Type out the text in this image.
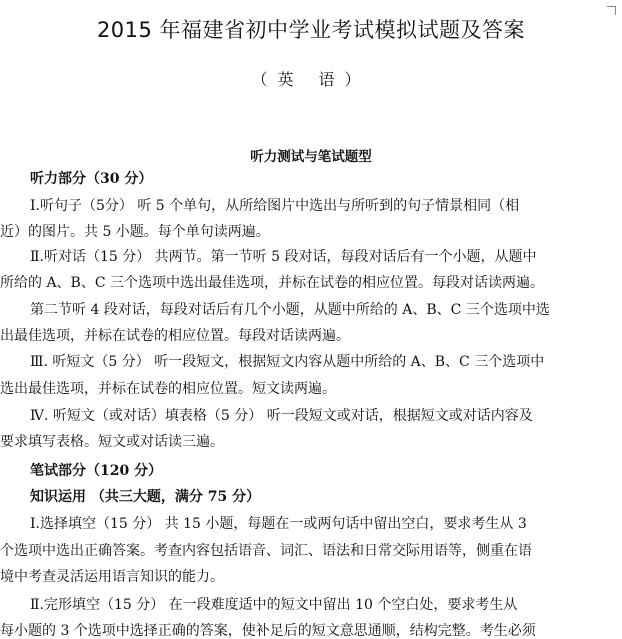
2015 年福建省初中学业考试模拟试题及答案
（英 语）
听力测试与笔试题型
听力部分（30 分）
Ⅰ.听句子（5分） 听 5 个单句，从所给图片中选出与所听到的句子情景相同（相
近）的图片。共 5 小题。每个单句读两遍。
Ⅱ.听对话（15 分） 共两节。第一节听 5 段对话，每段对话后有一个小题，从题中
所给的 A、B、C 三个选项中选出最佳选项，并标在试卷的相应位置。每段对话读两遍。
第二节听 4 段对话，每段对话后有几个小题，从题中所给的 A、B、C 三个选项中选
出最佳选项，并标在试卷的相应位置。每段对话读两遍。
Ⅲ. 听短文（5 分） 听一段短文，根据短文内容从题中所给的 A、B、C 三个选项中
选出最佳选项，并标在试卷的相应位置。短文读两遍。
Ⅳ. 听短文（或对话）填表格（5 分） 听一段短文或对话，根据短文或对话内容及
要求填写表格。短文或对话读三遍。
笔试部分（120 分）
知识运用 （共三大题，满分 75 分）
Ⅰ.选择填空（15 分） 共 15 小题，每题在一或两句话中留出空白，要求考生从 3
个选项中选出正确答案。考查内容包括语音、词汇、语法和日常交际用语等，侧重在语
境中考查灵活运用语言知识的能力。
Ⅱ.完形填空（15 分） 在一段难度适中的短文中留出 10 个空白处，要求考生从
每小题的 3 个选项中选择正确的答案，使补足后的短文意思通顺，结构完整。考生必须
